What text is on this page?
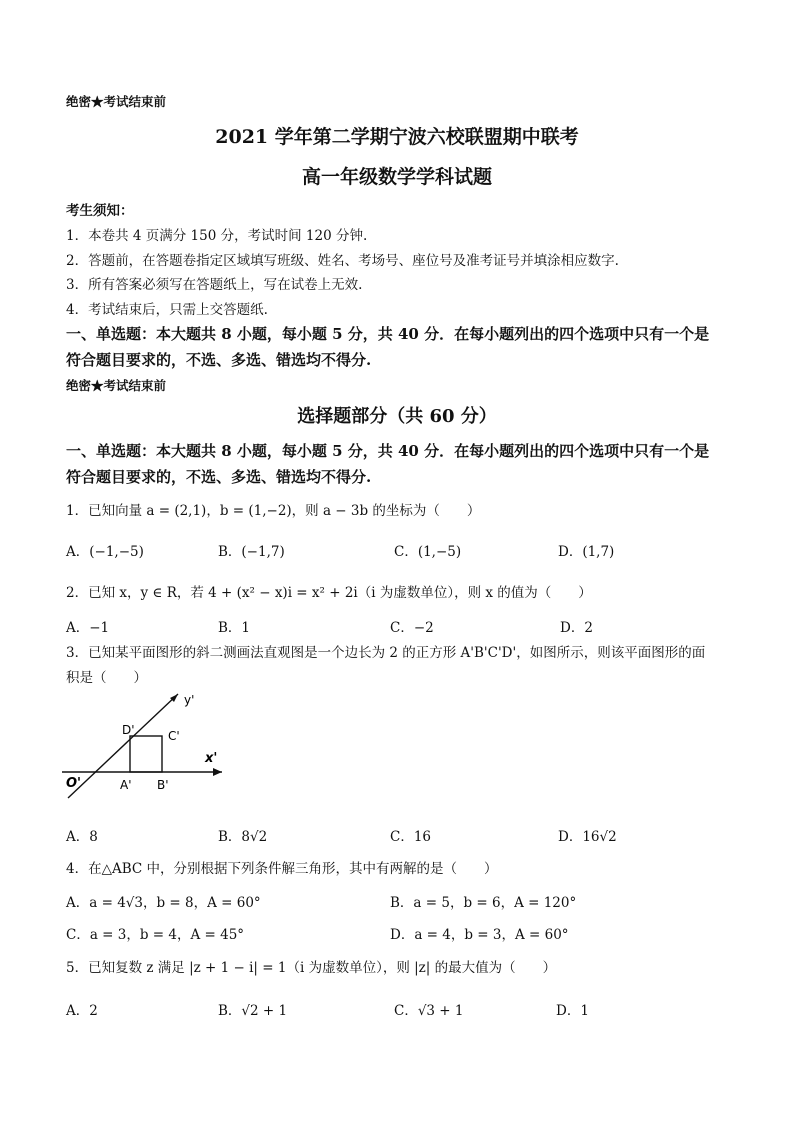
绝密★考试结束前
2021 学年第二学期宁波六校联盟期中联考
高一年级数学学科试题
考生须知：
1．本卷共 4 页满分 150 分，考试时间 120 分钟.
2．答题前，在答题卷指定区域填写班级、姓名、考场号、座位号及准考证号并填涂相应数字.
3．所有答案必须写在答题纸上，写在试卷上无效.
4．考试结束后，只需上交答题纸.
一、单选题：本大题共 8 小题，每小题 5 分，共 40 分．在每小题列出的四个选项中只有一个是
符合题目要求的，不选、多选、错选均不得分.
绝密★考试结束前
选择题部分（共 60 分）
一、单选题：本大题共 8 小题，每小题 5 分，共 40 分．在每小题列出的四个选项中只有一个是
符合题目要求的，不选、多选、错选均不得分.
1．已知向量 a = (2,1)，b = (1,−2)，则 a − 3b 的坐标为（　　）
A．(−1,−5)	B．(−1,7)	C．(1,−5)	D．(1,7)
2．已知 x，y ∈ R，若 4 + (x² − x)i = x² + 2i（i 为虚数单位），则 x 的值为（　　）
A．−1	B．1	C．−2	D．2
3．已知某平面图形的斜二测画法直观图是一个边长为 2 的正方形 A'B'C'D'，如图所示，则该平面图形的面
积是（　　）
y'
x'
O'	A' B'
C'
D'
A．8	B．8√2	C．16	D．16√2
4．在△ABC 中，分别根据下列条件解三角形，其中有两解的是（　　）
A．a = 4√3，b = 8，A = 60°	B．a = 5，b = 6，A = 120°
C．a = 3，b = 4，A = 45°	D．a = 4，b = 3，A = 60°
5．已知复数 z 满足 |z + 1 − i| = 1（i 为虚数单位），则 |z| 的最大值为（　　）
A．2	B．√2 + 1	C．√3 + 1	D．1
